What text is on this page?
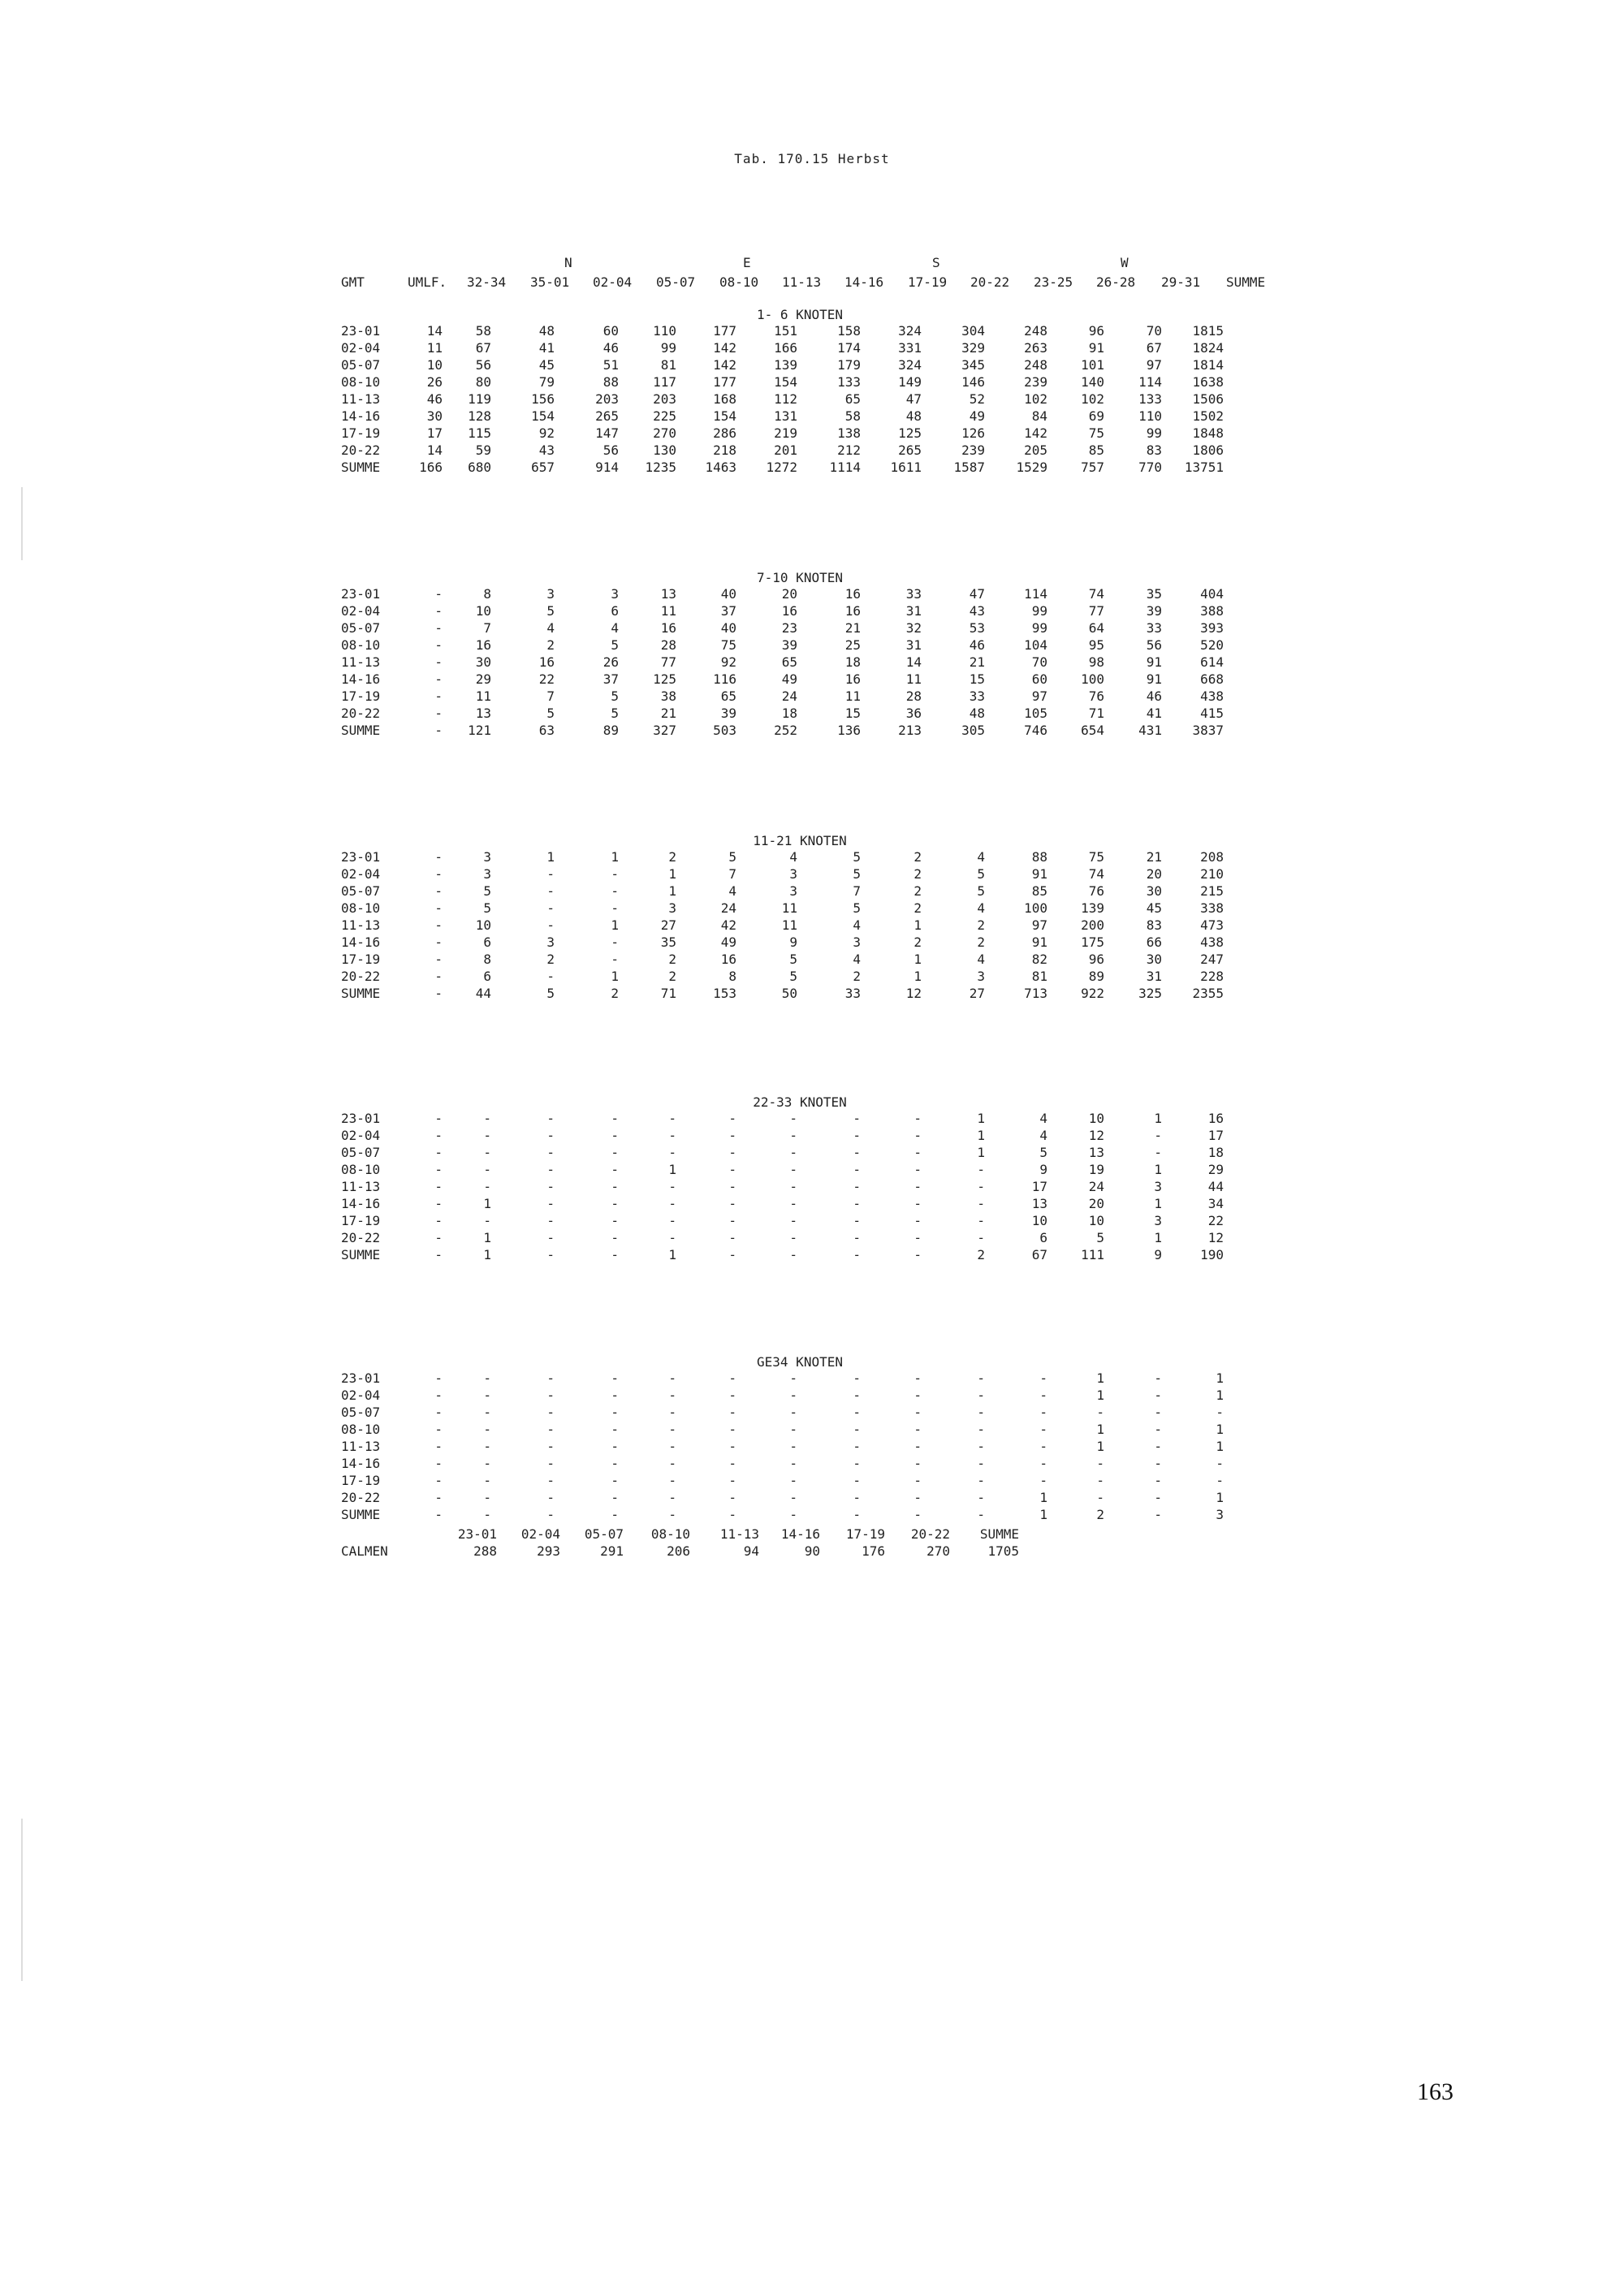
Tab. 170.15 Herbst
N	E	S	W
GMT	UMLF. 32-34 35-01 02-04 05-07 08-10 11-13 14-16 17-19 20-22 23-25 26-28 29-31 SUMME
1- 6 KNOTEN
23-01	14	58	48	60	110	177	151	158	324	304	248	96	70 1815
02-04	11	67	41	46	99	142	166	174	331	329	263	91	67 1824
05-07	10	56	45	51	81	142	139	179	324	345	248	101	97 1814
08-10	26	80	79	88	117	177	154	133	149	146	239	140	114 1638
11-13	46 119	156	203	203	168	112	65	47	52	102	102	133 1506
14-16	30 128	154	265	225	154	131	58	48	49	84	69	110 1502
17-19	17 115	92	147	270	286	219	138	125	126	142	75	99 1848
20-22	14	59	43	56	130	218	201	212	265	239	205	85	83 1806
SUMME	166 680	657	914 1235 1463 1272 1114 1611 1587 1529	757	770 13751
7-10 KNOTEN
23-01	-	8	3	3	13	40	20	16	33	47	114	74	35	404
02-04	-	10	5	6	11	37	16	16	31	43	99	77	39	388
05-07	-	7	4	4	16	40	23	21	32	53	99	64	33	393
08-10	-	16	2	5	28	75	39	25	31	46	104	95	56	520
11-13	-	30	16	26	77	92	65	18	14	21	70	98	91	614
14-16	-	29	22	37	125	116	49	16	11	15	60	100	91	668
17-19	-	11	7	5	38	65	24	11	28	33	97	76	46	438
20-22	-	13	5	5	21	39	18	15	36	48	105	71	41	415
SUMME	- 121	63	89	327	503	252	136	213	305	746	654	431 3837
11-21 KNOTEN
23-01	-	3	1	1	2	5	4	5	2	4	88	75	21	208
02-04	-	3	-	-	1	7	3	5	2	5	91	74	20	210
05-07	-	5	-	-	1	4	3	7	2	5	85	76	30	215
08-10	-	5	-	-	3	24	11	5	2	4	100	139	45	338
11-13	-	10	-	1	27	42	11	4	1	2	97	200	83	473
14-16	-	6	3	-	35	49	9	3	2	2	91	175	66	438
17-19	-	8	2	-	2	16	5	4	1	4	82	96	30	247
20-22	-	6	-	1	2	8	5	2	1	3	81	89	31	228
SUMME	-	44	5	2	71	153	50	33	12	27	713	922	325 2355
22-33 KNOTEN
23-01	-	-	-	-	-	-	-	-	-	1	4	10	1	16
02-04	-	-	-	-	-	-	-	-	-	1	4	12	-	17
05-07	-	-	-	-	-	-	-	-	-	1	5	13	-	18
08-10	-	-	-	-	1	-	-	-	-	-	9	19	1	29
11-13	-	-	-	-	-	-	-	-	-	-	17	24	3	44
14-16	-	1	-	-	-	-	-	-	-	-	13	20	1	34
17-19	-	-	-	-	-	-	-	-	-	-	10	10	3	22
20-22	-	1	-	-	-	-	-	-	-	-	6	5	1	12
SUMME	-	1	-	-	1	-	-	-	-	2	67	111	9	190
GE34 KNOTEN
23-01	-	-	-	-	-	-	-	-	-	-	-	1	-	1
02-04	-	-	-	-	-	-	-	-	-	-	-	1	-	1
05-07	-	-	-	-	-	-	-	-	-	-	-	-	-	-
08-10	-	-	-	-	-	-	-	-	-	-	-	1	-	1
11-13	-	-	-	-	-	-	-	-	-	-	-	1	-	1
14-16	-	-	-	-	-	-	-	-	-	-	-	-	-	-
17-19	-	-	-	-	-	-	-	-	-	-	-	-	-	-
20-22	-	-	-	-	-	-	-	-	-	-	1	-	-	1
SUMME	-	-	-	-	-	-	-	-	-	-	1	2	-	3
23-01 02-04 05-07 08-10 11-13 14-16 17-19 20-22 SUMME
CALMEN	288	293	291	206	94	90	176	270	1705
163
